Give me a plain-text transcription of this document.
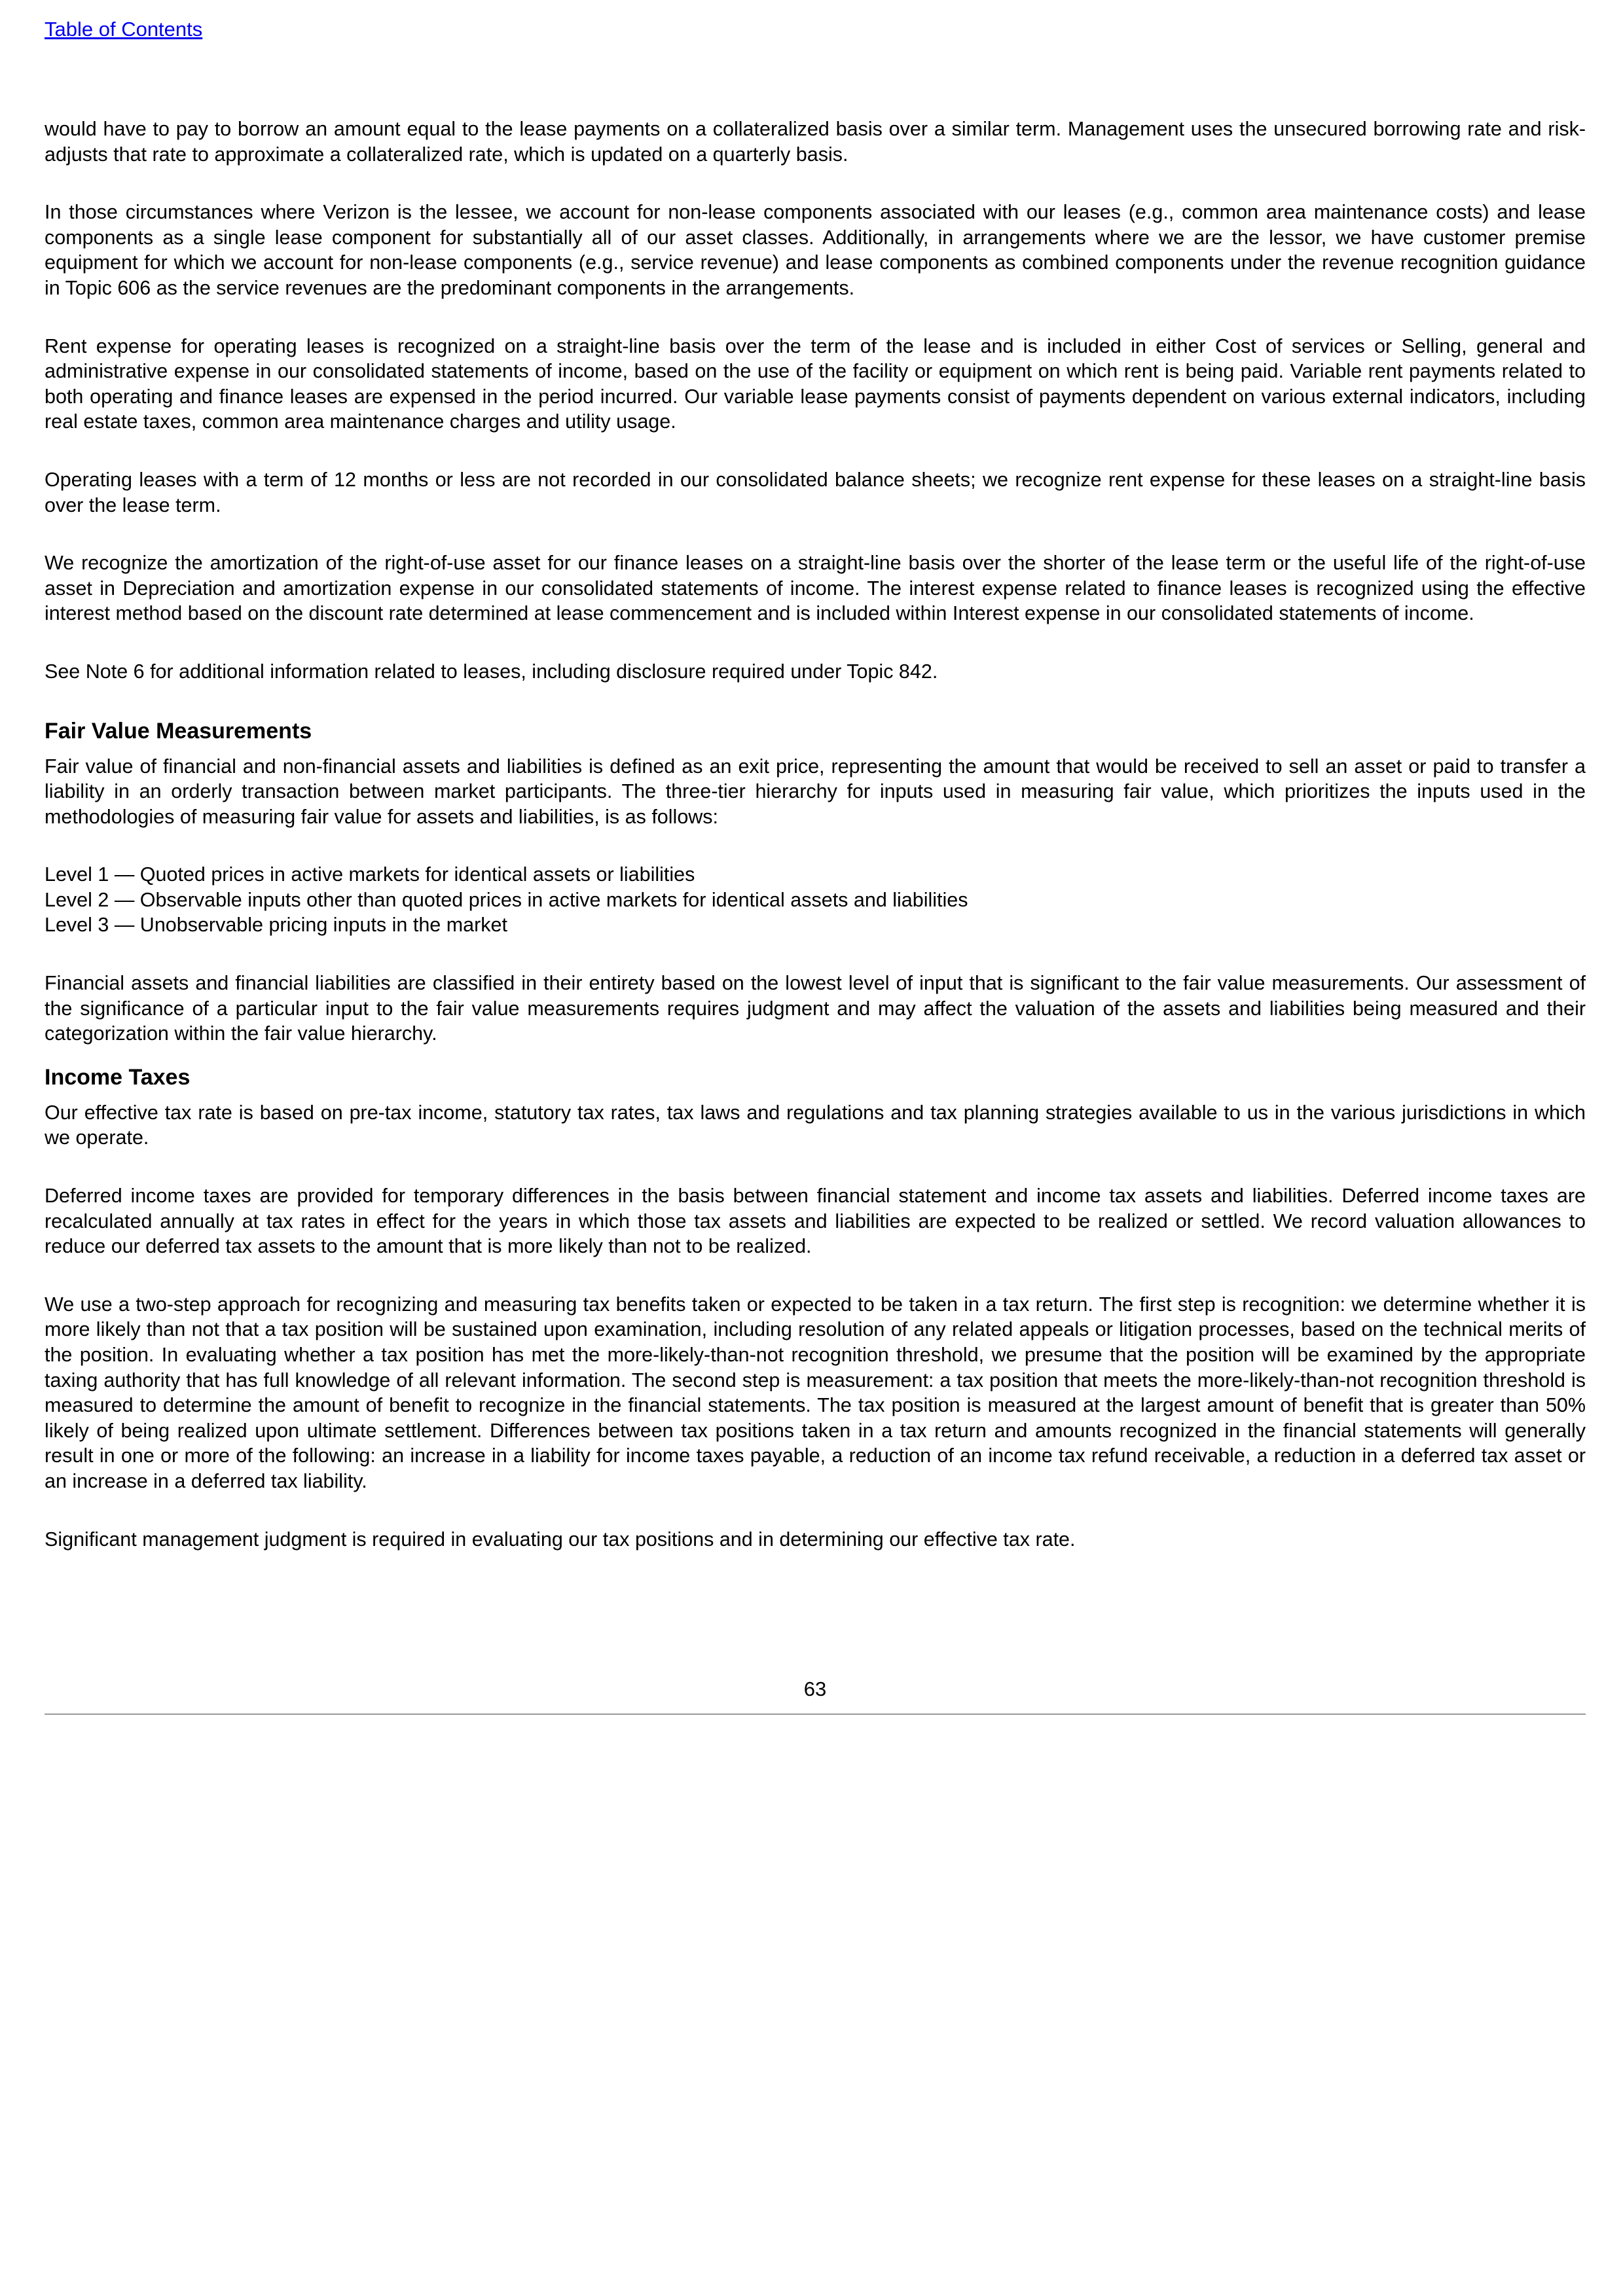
Table of Contents

would have to pay to borrow an amount equal to the lease payments on a collateralized basis over a similar term. Management uses the unsecured borrowing rate and risk-adjusts that rate to approximate a collateralized rate, which is updated on a quarterly basis.

In those circumstances where Verizon is the lessee, we account for non-lease components associated with our leases (e.g., common area maintenance costs) and lease components as a single lease component for substantially all of our asset classes. Additionally, in arrangements where we are the lessor, we have customer premise equipment for which we account for non-lease components (e.g., service revenue) and lease components as combined components under the revenue recognition guidance in Topic 606 as the service revenues are the predominant components in the arrangements.

Rent expense for operating leases is recognized on a straight-line basis over the term of the lease and is included in either Cost of services or Selling, general and administrative expense in our consolidated statements of income, based on the use of the facility or equipment on which rent is being paid. Variable rent payments related to both operating and finance leases are expensed in the period incurred. Our variable lease payments consist of payments dependent on various external indicators, including real estate taxes, common area maintenance charges and utility usage.

Operating leases with a term of 12 months or less are not recorded in our consolidated balance sheets; we recognize rent expense for these leases on a straight-line basis over the lease term.

We recognize the amortization of the right-of-use asset for our finance leases on a straight-line basis over the shorter of the lease term or the useful life of the right-of-use asset in Depreciation and amortization expense in our consolidated statements of income. The interest expense related to finance leases is recognized using the effective interest method based on the discount rate determined at lease commencement and is included within Interest expense in our consolidated statements of income.

See Note 6 for additional information related to leases, including disclosure required under Topic 842.

Fair Value Measurements

Fair value of financial and non-financial assets and liabilities is defined as an exit price, representing the amount that would be received to sell an asset or paid to transfer a liability in an orderly transaction between market participants. The three-tier hierarchy for inputs used in measuring fair value, which prioritizes the inputs used in the methodologies of measuring fair value for assets and liabilities, is as follows:

Level 1 — Quoted prices in active markets for identical assets or liabilities
Level 2 — Observable inputs other than quoted prices in active markets for identical assets and liabilities
Level 3 — Unobservable pricing inputs in the market

Financial assets and financial liabilities are classified in their entirety based on the lowest level of input that is significant to the fair value measurements. Our assessment of the significance of a particular input to the fair value measurements requires judgment and may affect the valuation of the assets and liabilities being measured and their categorization within the fair value hierarchy.

Income Taxes

Our effective tax rate is based on pre-tax income, statutory tax rates, tax laws and regulations and tax planning strategies available to us in the various jurisdictions in which we operate.

Deferred income taxes are provided for temporary differences in the basis between financial statement and income tax assets and liabilities. Deferred income taxes are recalculated annually at tax rates in effect for the years in which those tax assets and liabilities are expected to be realized or settled. We record valuation allowances to reduce our deferred tax assets to the amount that is more likely than not to be realized.

We use a two-step approach for recognizing and measuring tax benefits taken or expected to be taken in a tax return. The first step is recognition: we determine whether it is more likely than not that a tax position will be sustained upon examination, including resolution of any related appeals or litigation processes, based on the technical merits of the position. In evaluating whether a tax position has met the more-likely-than-not recognition threshold, we presume that the position will be examined by the appropriate taxing authority that has full knowledge of all relevant information. The second step is measurement: a tax position that meets the more-likely-than-not recognition threshold is measured to determine the amount of benefit to recognize in the financial statements. The tax position is measured at the largest amount of benefit that is greater than 50% likely of being realized upon ultimate settlement. Differences between tax positions taken in a tax return and amounts recognized in the financial statements will generally result in one or more of the following: an increase in a liability for income taxes payable, a reduction of an income tax refund receivable, a reduction in a deferred tax asset or an increase in a deferred tax liability.

Significant management judgment is required in evaluating our tax positions and in determining our effective tax rate.

63
